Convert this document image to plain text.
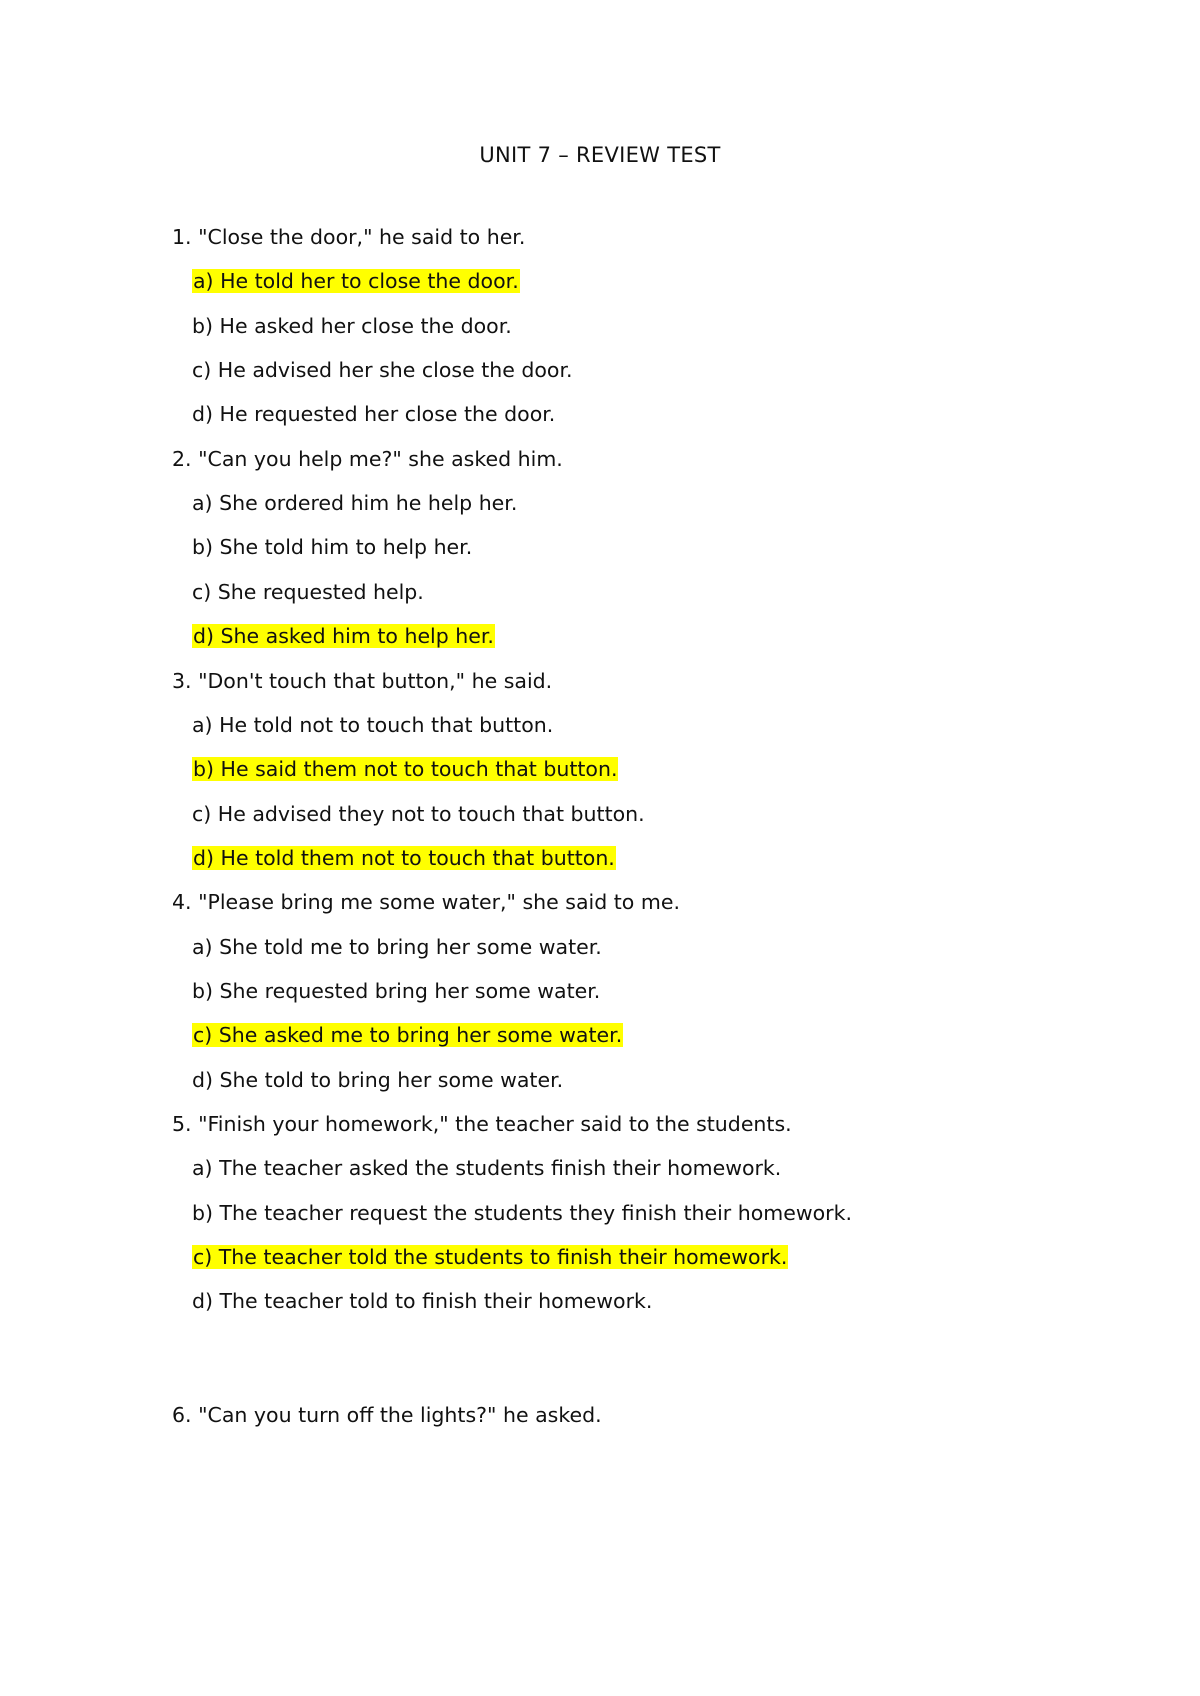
UNIT 7 – REVIEW TEST
1. "Close the door," he said to her.
a) He told her to close the door.
b) He asked her close the door.
c) He advised her she close the door.
d) He requested her close the door.
2. "Can you help me?" she asked him.
a) She ordered him he help her.
b) She told him to help her.
c) She requested help.
d) She asked him to help her.
3. "Don't touch that button," he said.
a) He told not to touch that button.
b) He said them not to touch that button.
c) He advised they not to touch that button.
d) He told them not to touch that button.
4. "Please bring me some water," she said to me.
a) She told me to bring her some water.
b) She requested bring her some water.
c) She asked me to bring her some water.
d) She told to bring her some water.
5. "Finish your homework," the teacher said to the students.
a) The teacher asked the students finish their homework.
b) The teacher request the students they finish their homework.
c) The teacher told the students to finish their homework.
d) The teacher told to finish their homework.
6. "Can you turn off the lights?" he asked.
